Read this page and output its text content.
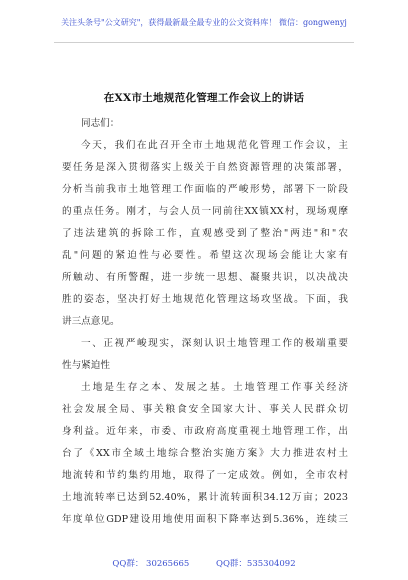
关注头条号"公文研究"，获得最新最全最专业的公文资料库！ 微信：gongwenyj
在XX市土地规范化管理工作会议上的讲话
同志们：
今天，我们在此召开全市土地规范化管理工作会议，主
要任务是深入贯彻落实上级关于自然资源管理的决策部署，
分析当前我市土地管理工作面临的严峻形势，部署下一阶段
的重点任务。刚才，与会人员一同前往XX镇XX村，现场观摩
了违法建筑的拆除工作，直观感受到了整治"两违"和"农
乱"问题的紧迫性与必要性。希望这次现场会能让大家有
所触动、有所警醒，进一步统一思想、凝聚共识，以决战决
胜的姿态，坚决打好土地规范化管理这场攻坚战。下面，我
讲三点意见。
一、正视严峻现实，深刻认识土地管理工作的极端重要
性与紧迫性
土地是生存之本、发展之基。土地管理工作事关经济
社会发展全局、事关粮食安全国家大计、事关人民群众切
身利益。近年来，市委、市政府高度重视土地管理工作，出
台了《XX市全域土地综合整治实施方案》大力推进农村土
地流转和节约集约用地，取得了一定成效。例如，全市农村
土地流转率已达到52.40%，累计流转面积34.12万亩；2023
年度单位GDP建设用地使用面积下降率达到5.36%，连续三
QQ群： 30265665	QQ群：535304092
